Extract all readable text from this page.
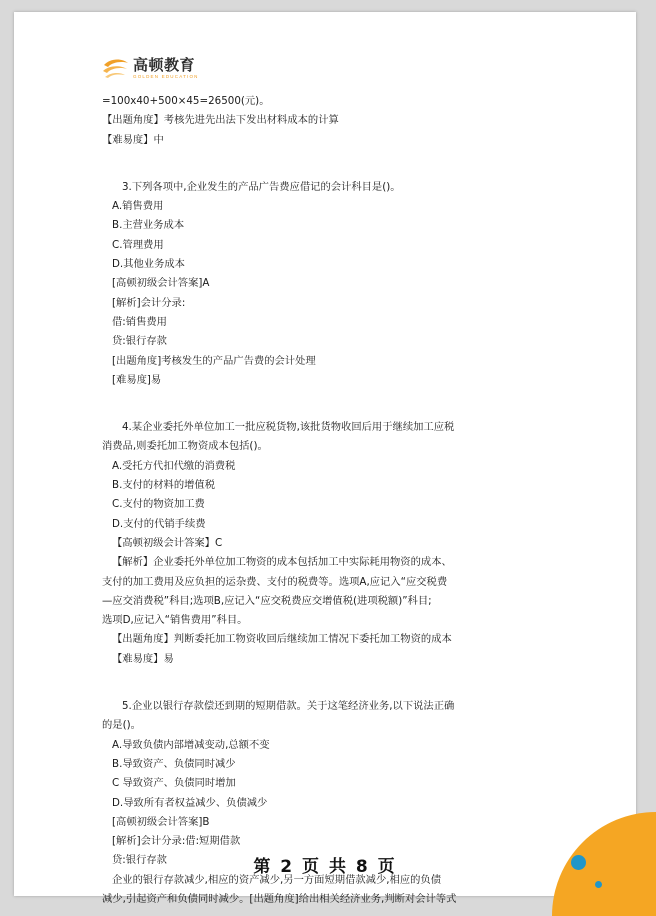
高顿教育
GOLDEN EDUCATION

=100x40+500×45=26500(元)。

【出题角度】考核先进先出法下发出材料成本的计算

【难易度】中

3.下列各项中,企业发生的产品广告费应借记的会计科目是()。

A.销售费用

B.主营业务成本

C.管理费用

D.其他业务成本

[高顿初级会计答案]A

[解析]会计分录:

借:销售费用

贷:银行存款

[出题角度]考核发生的产品广告费的会计处理

[难易度]易

4.某企业委托外单位加工一批应税货物,该批货物收回后用于继续加工应税

消费品,则委托加工物资成本包括()。

A.受托方代扣代缴的消费税

B.支付的材料的增值税

C.支付的物资加工费

D.支付的代销手续费

【高顿初级会计答案】C

【解析】企业委托外单位加工物资的成本包括加工中实际耗用物资的成本、

支付的加工费用及应负担的运杂费、支付的税费等。选项A,应记入“应交税费

—应交消费税”科目;选项B,应记入“应交税费应交增值税(进项税额)”科目;

选项D,应记入“销售费用”科目。

【出题角度】判断委托加工物资收回后继续加工情况下委托加工物资的成本

【难易度】易

5.企业以银行存款偿还到期的短期借款。关于这笔经济业务,以下说法正确

的是()。

A.导致负债内部增减变动,总额不变

B.导致资产、负债同时减少

C 导致资产、负债同时增加

D.导致所有者权益减少、负债减少

[高顿初级会计答案]B

[解析]会计分录:借:短期借款

贷:银行存款

企业的银行存款减少,相应的资产减少,另一方面短期借款减少,相应的负债

减少,引起资产和负债同时减少。[出题角度]给出相关经济业务,判断对会计等式

第 2 页 共 8 页
